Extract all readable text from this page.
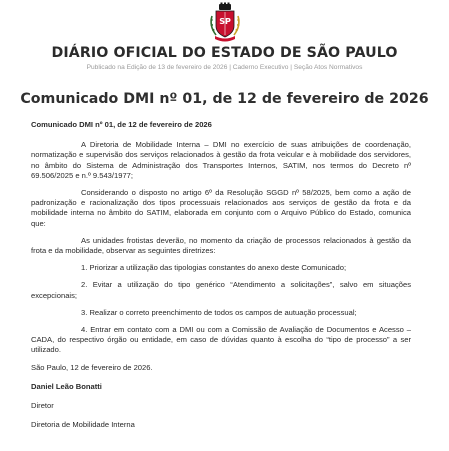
SP
DIÁRIO OFICIAL DO ESTADO DE SÃO PAULO
Publicado na Edição de 13 de fevereiro de 2026 | Caderno Executivo | Seção Atos Normativos
Comunicado DMI nº 01, de 12 de fevereiro de 2026
Comunicado DMI nº 01, de 12 de fevereiro de 2026

A Diretoria de Mobilidade Interna – DMI no exercício de suas atribuições de coordenação, normatização e supervisão dos serviços relacionados à gestão da frota veicular e à mobilidade dos servidores, no âmbito do Sistema de Administração dos Transportes Internos, SATIM, nos termos do Decreto nº 69.506/2025 e n.º 9.543/1977;

Considerando o disposto no artigo 6º da Resolução SGGD nº 58/2025, bem como a ação de padronização e racionalização dos tipos processuais relacionados aos serviços de gestão da frota e da mobilidade interna no âmbito do SATIM, elaborada em conjunto com o Arquivo Público do Estado, comunica que:

As unidades frotistas deverão, no momento da criação de processos relacionados à gestão da frota e da mobilidade, observar as seguintes diretrizes:

1. Priorizar a utilização das tipologias constantes do anexo deste Comunicado;

2. Evitar a utilização do tipo genérico “Atendimento a solicitações”, salvo em situações excepcionais;

3. Realizar o correto preenchimento de todos os campos de autuação processual;

4. Entrar em contato com a DMI ou com a Comissão de Avaliação de Documentos e Acesso – CADA, do respectivo órgão ou entidade, em caso de dúvidas quanto à escolha do “tipo de processo” a ser utilizado.

São Paulo, 12 de fevereiro de 2026.
Daniel Leão Bonatti
Diretor
Diretoria de Mobilidade Interna
